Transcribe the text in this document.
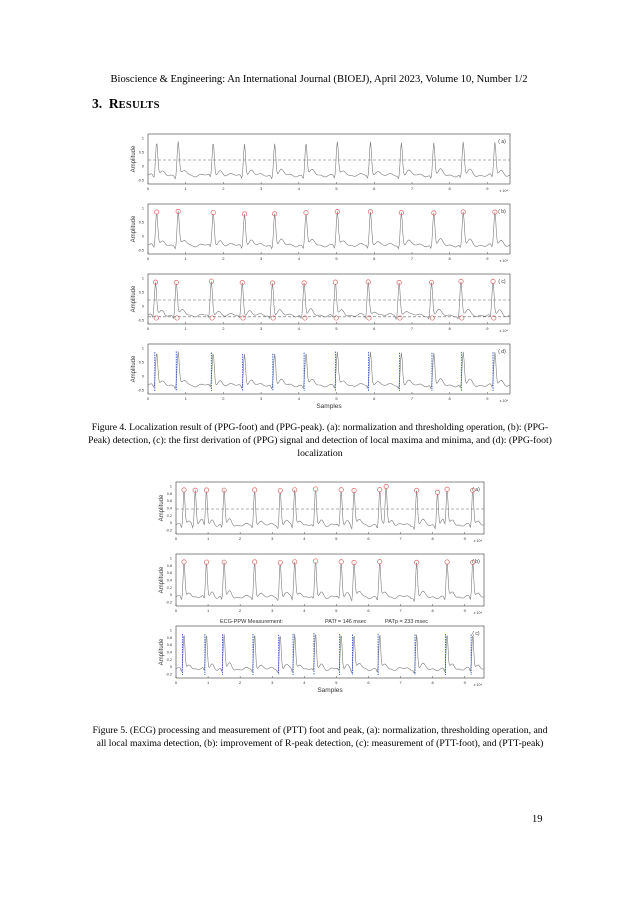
Bioscience & Engineering: An International Journal (BIOEJ), April 2023, Volume 10, Number 1/2
3. RESULTS
1
0.5
0
-0.5
0	1	2	3	4	5	6	7	8	9	x 10⁴
Amplitude
( a)
1
0.5
0
-0.5
0	1	2	3	4	5	6	7	8	9	x 10⁴
Amplitude
( b)
1
0.5
0
-0.5
0	1	2	3	4	5	6	7	8	9	x 10⁴
Amplitude
( c)
1
0.5
0
-0.5
0	1	2	3	4	5	6	7	8	9	x 10⁴
Amplitude
( d)
Samples
Figure 4. Localization result of (PPG-foot) and (PPG-peak). (a): normalization and thresholding operation, (b): (PPG-Peak) detection, (c): the first derivation of (PPG) signal and detection of local maxima and minima, and (d): (PPG-foot) localization
1
0.8
0.6
0.4
0.2
0
-0.2
0	1	2	3	4	5	6	7	8	9 x 10⁴
Amplitude
( a)
1
0.8
0.6
0.4
0.2
0
-0.2
0	1	2	3	4	5	6	7	8	9 x 10⁴
Amplitude
( b)
1
0.8
0.6
0.4
0.2
0
-0.2
0	1	2	3	4	5	6	7	8	9 x 10⁴
Amplitude
( c)
Samples
ECG-PPW Measurement:	PATf = 146 msec	PATp = 233 msec
Figure 5. (ECG) processing and measurement of (PTT) foot and peak, (a): normalization, thresholding operation, and all local maxima detection, (b): improvement of R-peak detection, (c): measurement of (PTT-foot), and (PTT-peak)
19
